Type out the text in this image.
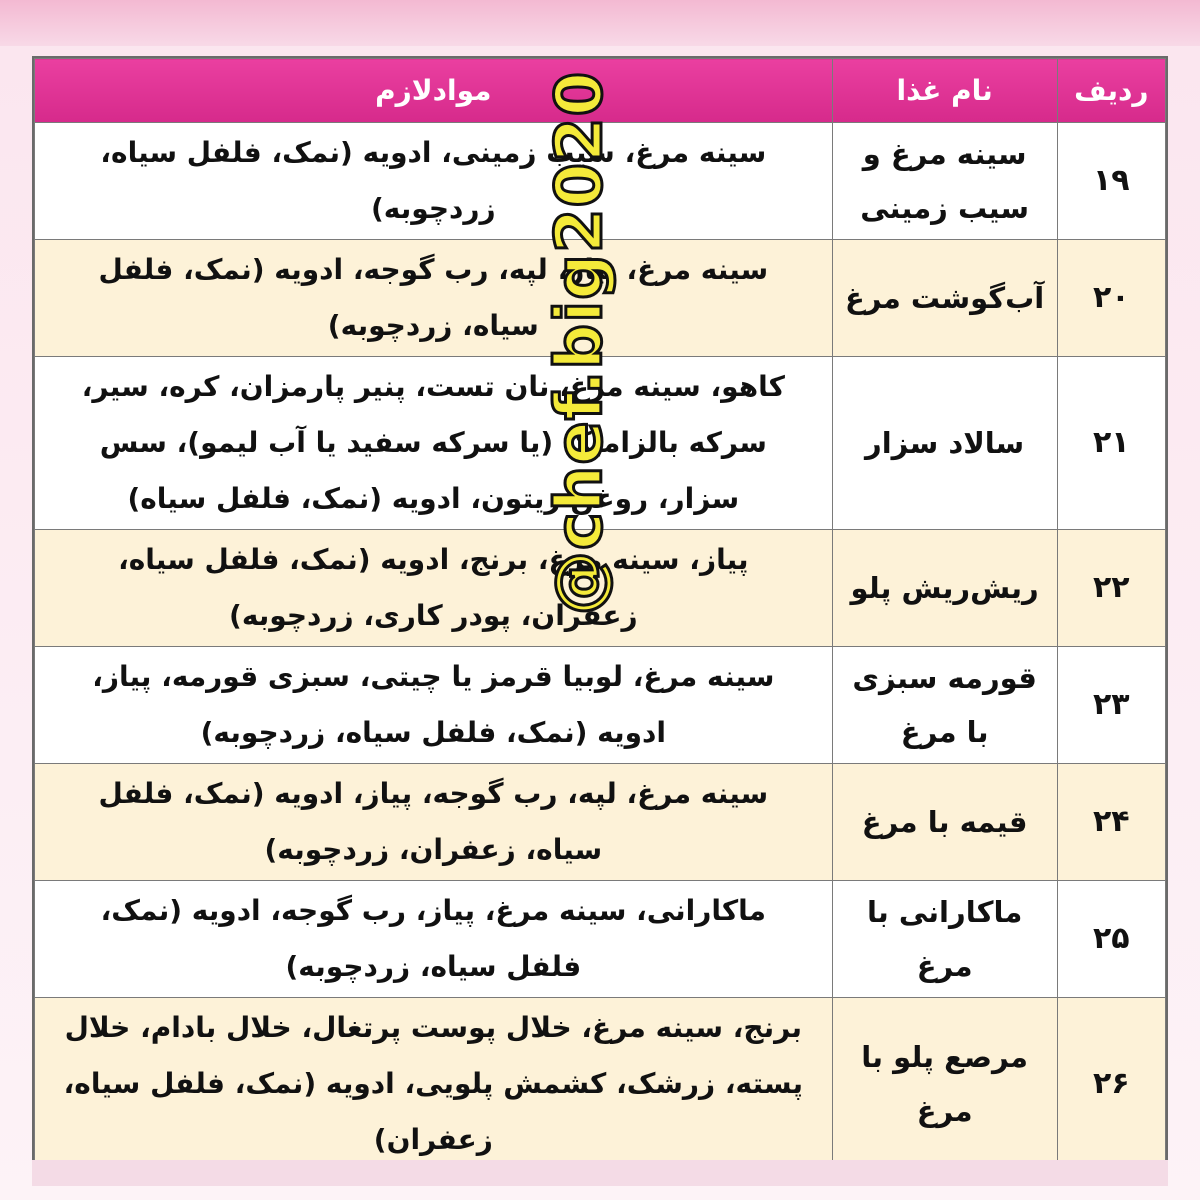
ردیف	نام غذا	موادلازم
۱۹	سینه مرغ و سیب زمینی	سینه مرغ، سیب زمینی، ادویه (نمک، فلفل سیاه، زردچوبه)
۲۰	آب‌گوشت مرغ	سینه مرغ، پیاز، لپه، رب گوجه، ادویه (نمک، فلفل سیاه، زردچوبه)
۲۱	سالاد سزار	کاهو، سینه مرغ، نان تست، پنیر پارمزان، کره، سیر، سرکه بالزامیک (یا سرکه سفید یا آب لیمو)، سس سزار، روغن زیتون، ادویه (نمک، فلفل سیاه)
۲۲	ریش‌ریش پلو	پیاز، سینه مرغ، برنج، ادویه (نمک، فلفل سیاه، زعفران، پودر کاری، زردچوبه)
۲۳	قورمه سبزی با مرغ	سینه مرغ، لوبیا قرمز یا چیتی، سبزی قورمه، پیاز، ادویه (نمک، فلفل سیاه، زردچوبه)
۲۴	قیمه با مرغ	سینه مرغ، لپه، رب گوجه، پیاز، ادویه (نمک، فلفل سیاه، زعفران، زردچوبه)
۲۵	ماکارانی با مرغ	ماکارانی، سینه مرغ، پیاز، رب گوجه، ادویه (نمک، فلفل سیاه، زردچوبه)
۲۶	مرصع پلو با مرغ	برنج، سینه مرغ، خلال پوست پرتغال، خلال بادام، خلال پسته، زرشک، کشمش پلویی، ادویه (نمک، فلفل سیاه، زعفران)
@chef.big2020
